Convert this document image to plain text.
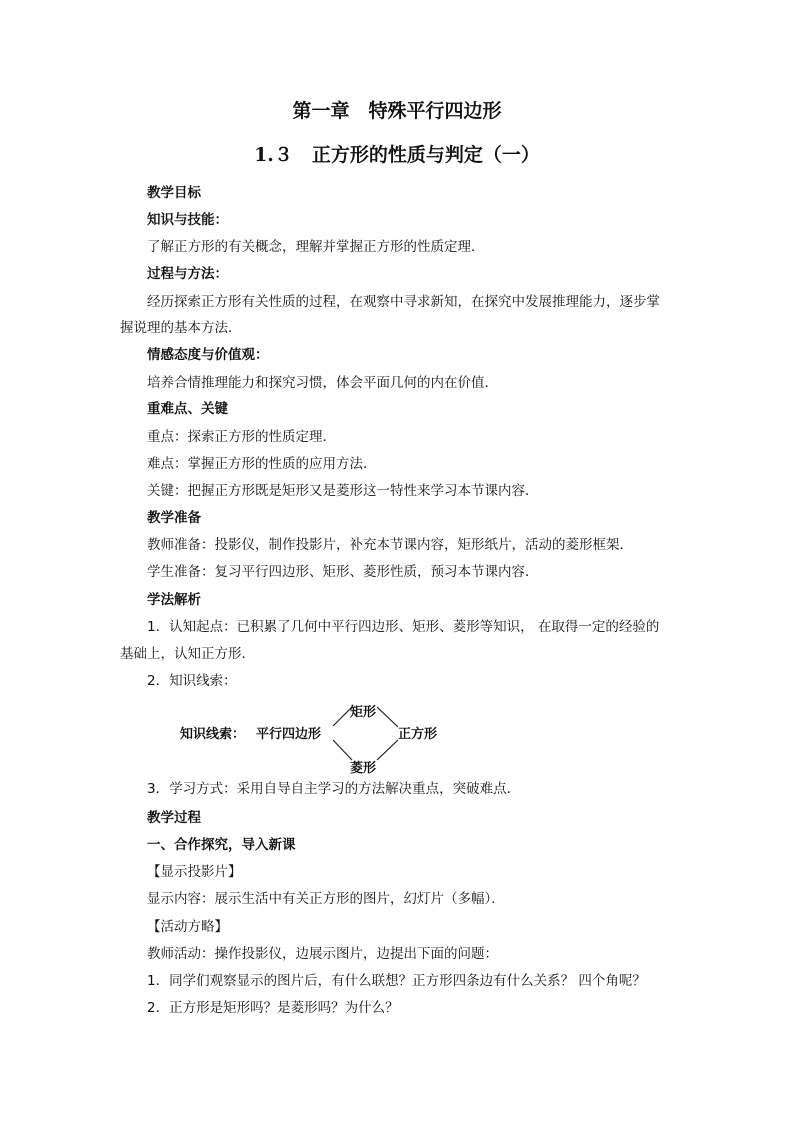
第一章　特殊平行四边形
1.３　正方形的性质与判定（一）
教学目标
知识与技能：
了解正方形的有关概念，理解并掌握正方形的性质定理．
过程与方法：
经历探索正方形有关性质的过程，在观察中寻求新知，在探究中发展推理能力，逐步掌
握说理的基本方法．
情感态度与价值观：
培养合情推理能力和探究习惯，体会平面几何的内在价值．
重难点、关键
重点：探索正方形的性质定理．
难点：掌握正方形的性质的应用方法．
关键：把握正方形既是矩形又是菱形这一特性来学习本节课内容．
教学准备
教师准备：投影仪，制作投影片，补充本节课内容，矩形纸片，活动的菱形框架．
学生准备：复习平行四边形、矩形、菱形性质，预习本节课内容．
学法解析
1．认知起点：已积累了几何中平行四边形、矩形、菱形等知识， 在取得一定的经验的
基础上，认知正方形．
2．知识线索：
知识线索： 平行四边形
矩形
菱形
正方形
3．学习方式：采用自导自主学习的方法解决重点，突破难点．
教学过程
一、合作探究，导入新课
【显示投影片】
显示内容：展示生活中有关正方形的图片，幻灯片（多幅）．
【活动方略】
教师活动：操作投影仪，边展示图片，边提出下面的问题：
1．同学们观察显示的图片后，有什么联想？正方形四条边有什么关系？ 四个角呢？
2．正方形是矩形吗？是菱形吗？为什么？
